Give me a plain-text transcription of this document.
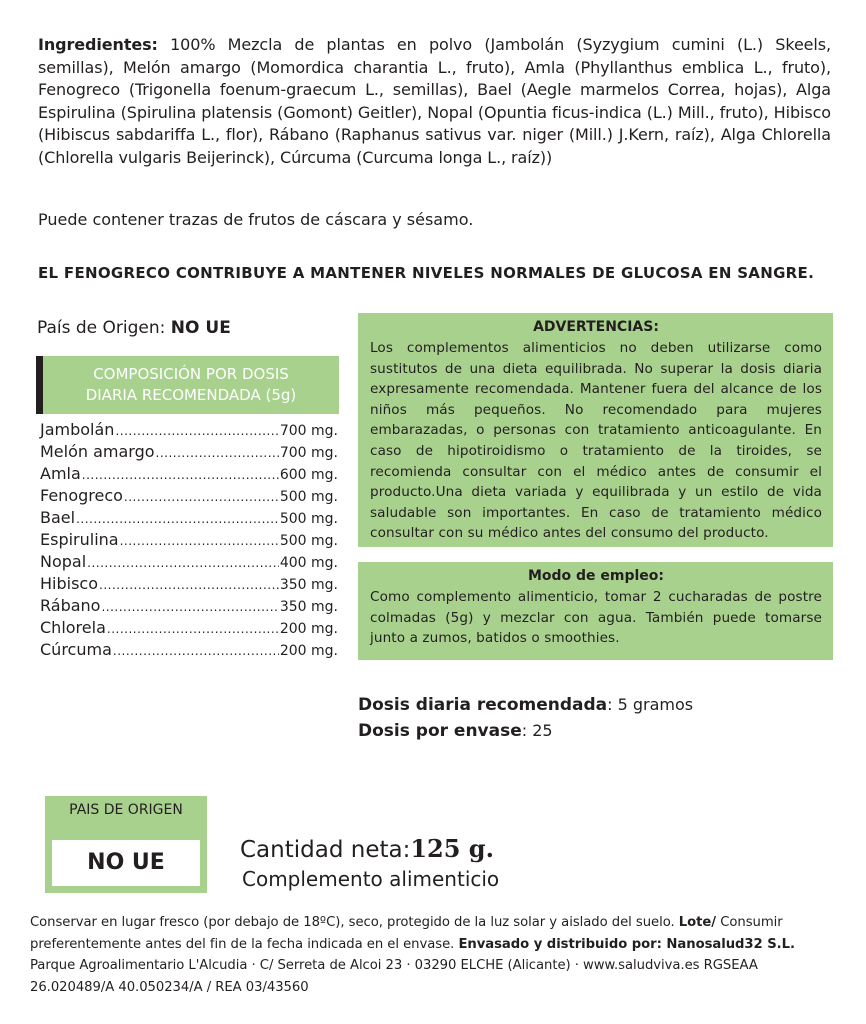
Ingredientes: 100% Mezcla de plantas en polvo (Jambolán (Syzygium cumini (L.) Skeels, semillas), Melón amargo (Momordica charantia L., fruto), Amla (Phyllanthus emblica L., fruto), Fenogreco (Trigonella foenum-graecum L., semillas), Bael (Aegle marmelos Correa, hojas), Alga Espirulina (Spirulina platensis (Gomont) Geitler), Nopal (Opuntia ficus-indica (L.) Mill., fruto), Hibisco (Hibiscus sabdariffa L., flor), Rábano (Raphanus sativus var. niger (Mill.) J.Kern, raíz), Alga Chlorella (Chlorella vulgaris Beijerinck), Cúrcuma (Curcuma longa L., raíz))

Puede contener trazas de frutos de cáscara y sésamo.

EL FENOGRECO CONTRIBUYE A MANTENER NIVELES NORMALES DE GLUCOSA EN SANGRE.

País de Origen: NO UE
COMPOSICIÓN POR DOSIS
DIARIA RECOMENDADA (5g)
Jambolán .....	700 mg.
Melón amargo .....	700 mg.
Amla .....	600 mg.
Fenogreco .....	500 mg.
Bael .....	500 mg.
Espirulina .....	500 mg.
Nopal .....	400 mg.
Hibisco .....	350 mg.
Rábano .....	350 mg.
Chlorela .....	200 mg.
Cúrcuma .....	200 mg.

ADVERTENCIAS:

Los complementos alimenticios no deben utilizarse como sustitutos de una dieta equilibrada. No superar la dosis diaria expresamente recomendada. Mantener fuera del alcance de los niños más pequeños. No recomendado para mujeres embarazadas, o personas con tratamiento anticoagulante. En caso de hipotiroidismo o tratamiento de la tiroides, se recomienda consultar con el médico antes de consumir el producto.Una dieta variada y equilibrada y un estilo de vida saludable son importantes. En caso de tratamiento médico consultar con su médico antes del consumo del producto.

Modo de empleo:

Como complemento alimenticio, tomar 2 cucharadas de postre colmadas (5g) y mezclar con agua. También puede tomarse junto a zumos, batidos o smoothies.

Dosis diaria recomendada: 5 gramos
Dosis por envase: 25
PAIS DE ORIGEN
NO UE	Cantidad neta:125 g.
Complemento alimenticio

Conservar en lugar fresco (por debajo de 18ºC), seco, protegido de la luz solar y aislado del suelo. Lote/ Consumir preferentemente antes del fin de la fecha indicada en el envase. Envasado y distribuido por: Nanosalud32 S.L.
Parque Agroalimentario L'Alcudia · C/ Serreta de Alcoi 23 · 03290 ELCHE (Alicante) · www.saludviva.es RGSEAA 26.020489/A 40.050234/A / REA 03/43560
